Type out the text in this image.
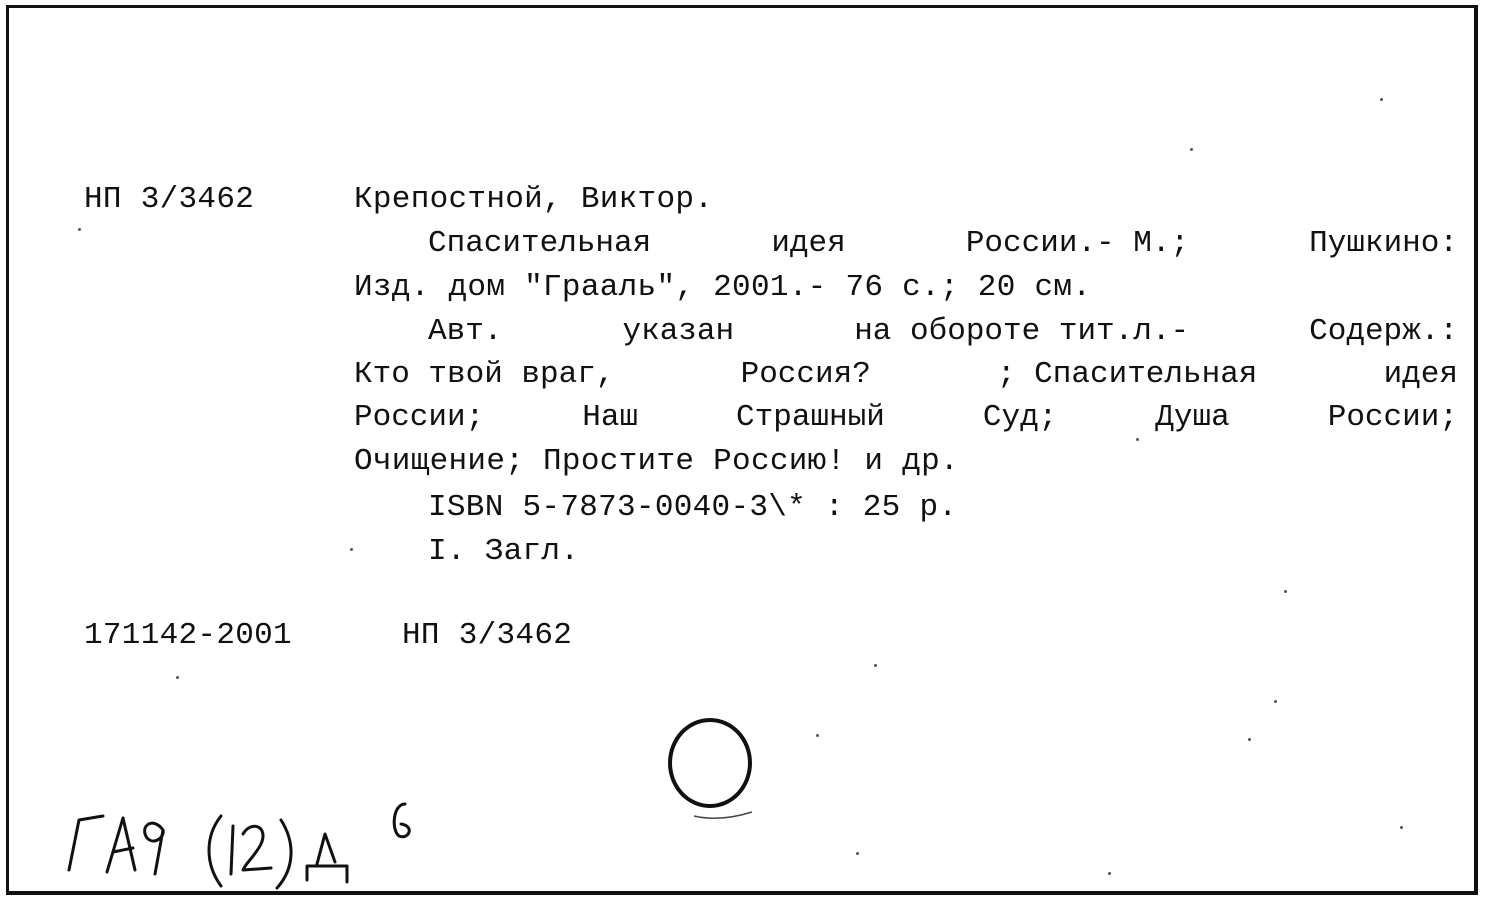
НП 3/3462	Крепостной, Виктор.
Спасительная	идея	России.- М.;	Пушкино:
Изд. дом "Грааль", 2001.- 76 с.; 20 см.
Авт.	указан	на обороте тит.л.-	Содерж.:
Кто твой враг,	Россия?	; Спасительная	идея
России;	Наш	Страшный	Суд;	Душа	России;
Очищение; Простите Россию! и др.
ISBN 5-7873-0040-3\* : 25 р.
I. Загл.
171142-2001	НП 3/3462
